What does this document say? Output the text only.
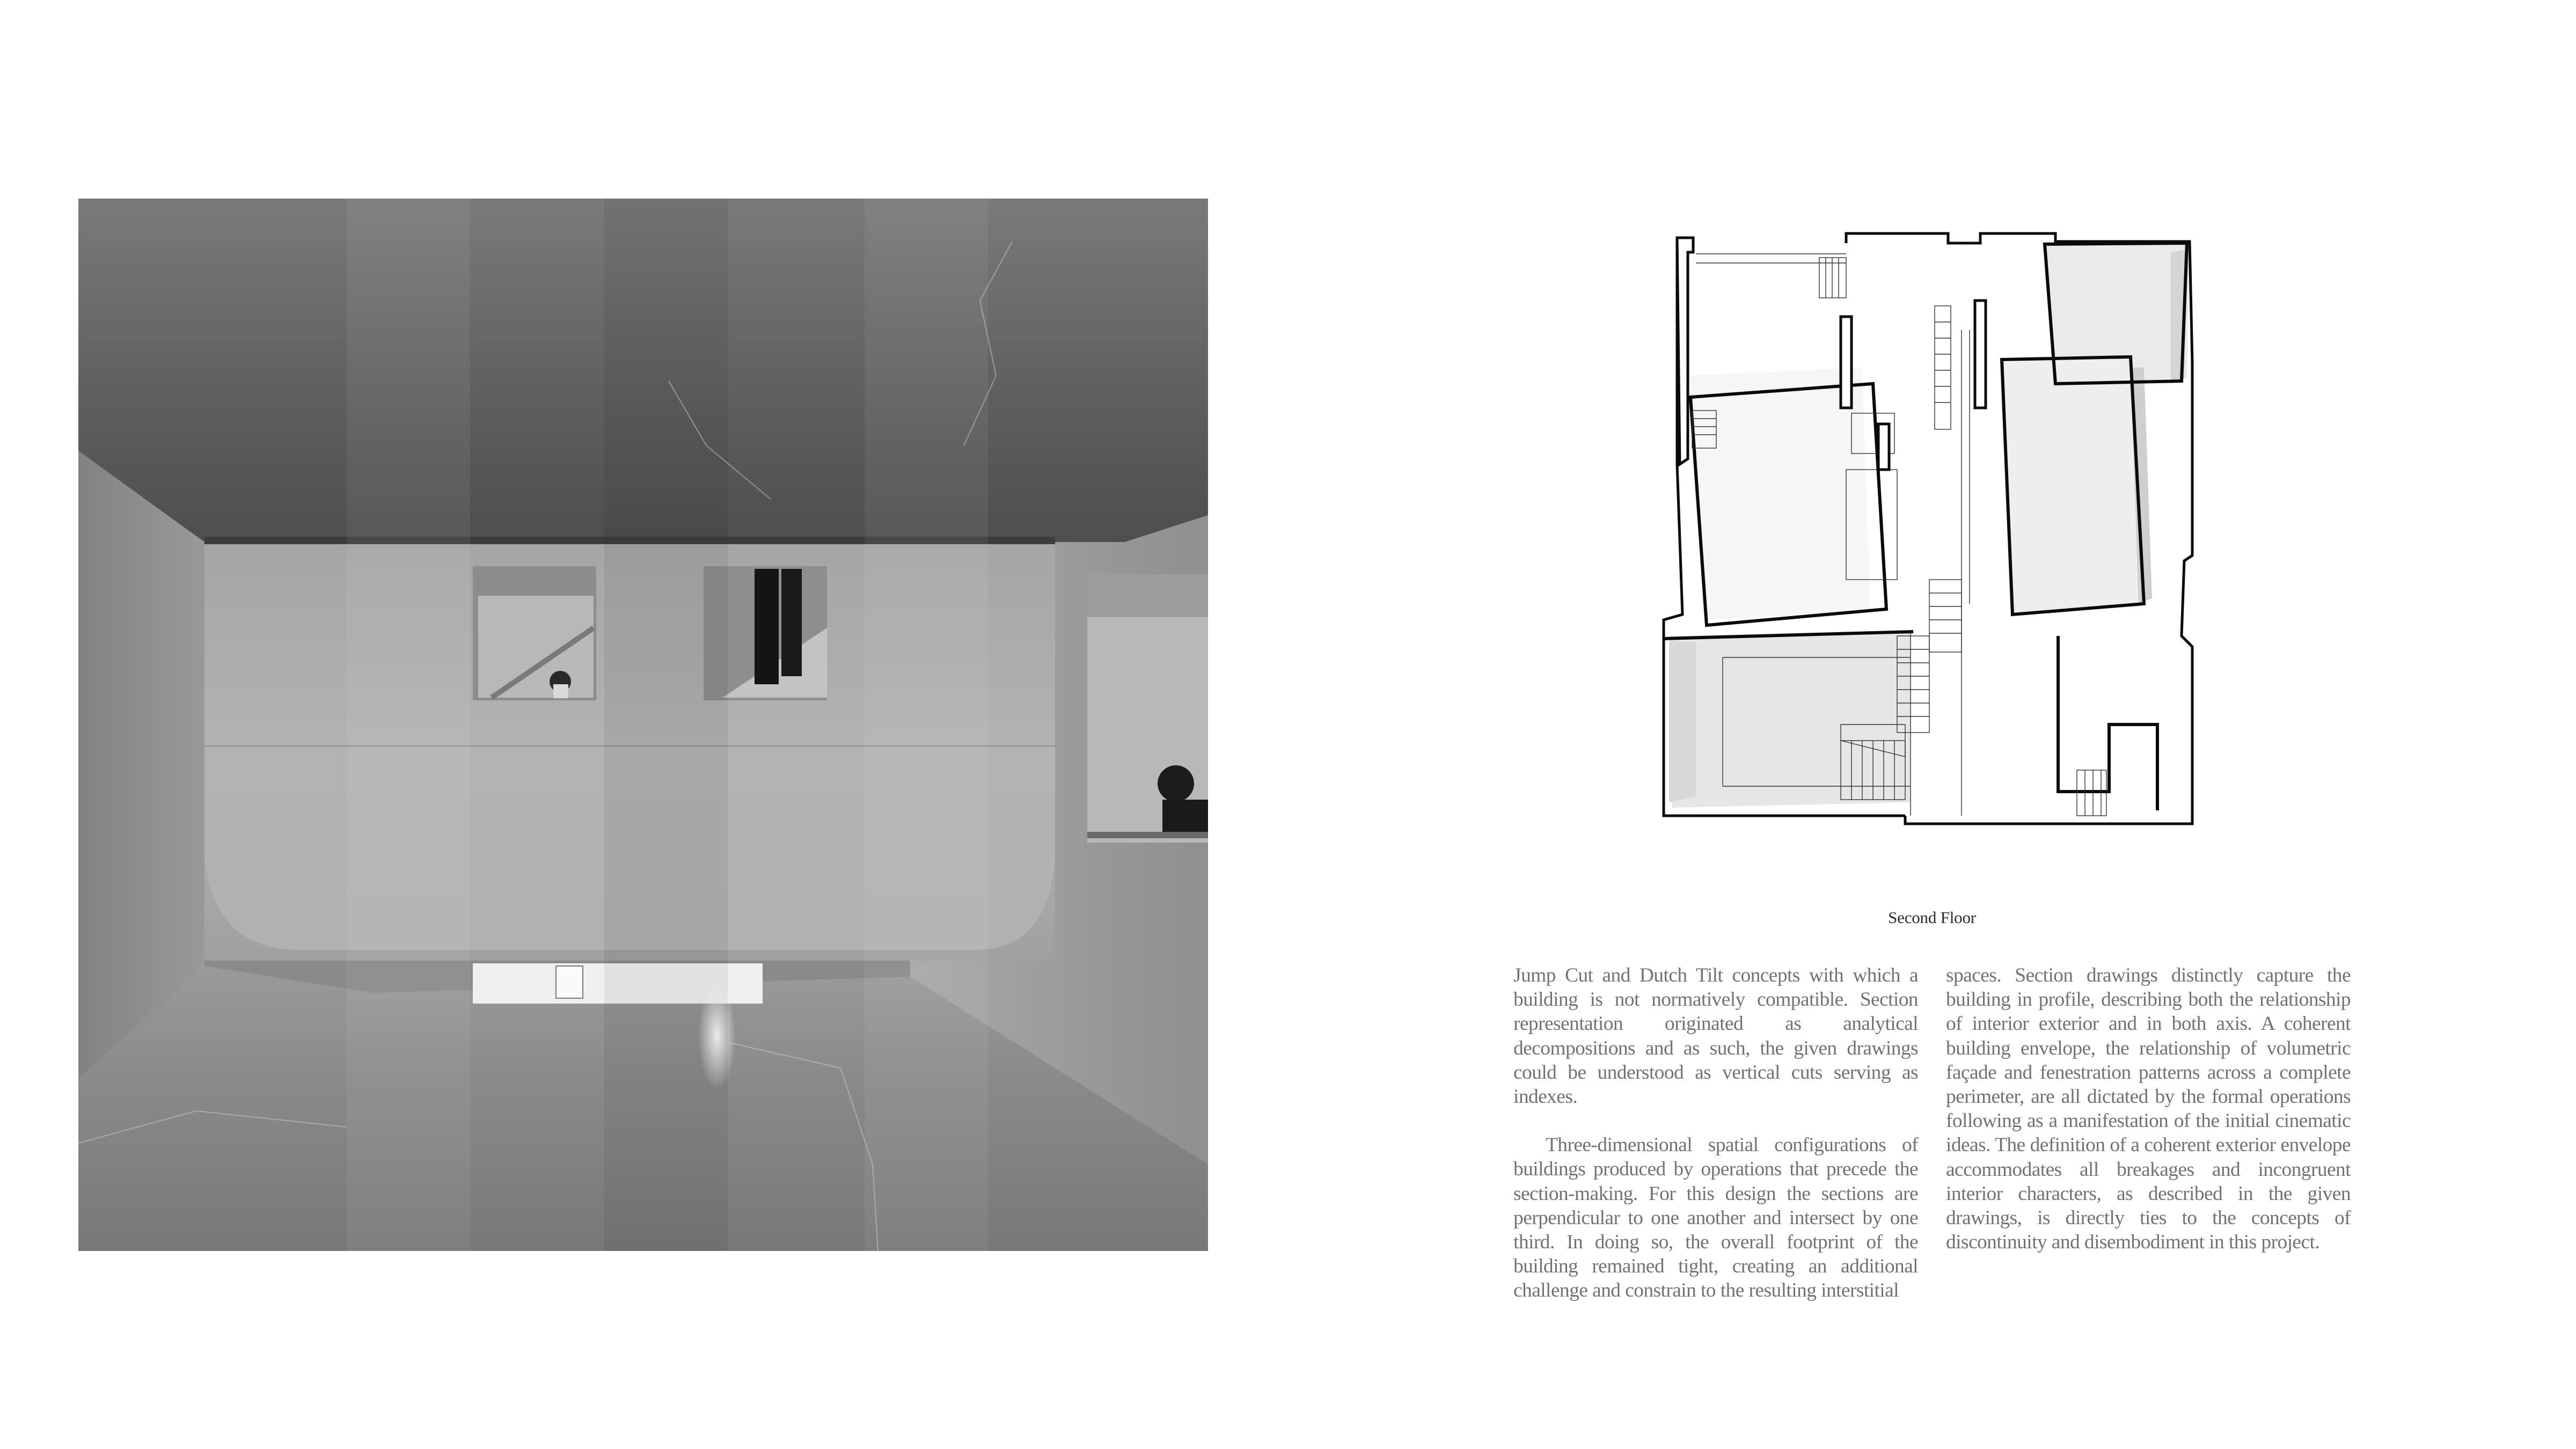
Second Floor

Jump Cut and Dutch Tilt concepts with which a building is not normatively compatible. Section representation originated as analytical decompositions and as such, the given drawings could be understood as vertical cuts serving as indexes.

Three-dimensional spatial configurations of buildings produced by operations that precede the section-making. For this design the sections are perpendicular to one another and intersect by one third. In doing so, the overall footprint of the building remained tight, creating an additional challenge and constrain to the resulting interstitial

spaces. Section drawings distinctly capture the building in profile, describing both the relationship of interior exterior and in both axis. A coherent building envelope, the relationship of volumetric façade and fenestration patterns across a complete perimeter, are all dictated by the formal operations following as a manifestation of the initial cinematic ideas. The definition of a coherent exterior envelope accommodates all breakages and incongruent interior characters, as described in the given drawings, is directly ties to the concepts of discontinuity and disembodiment in this project.
